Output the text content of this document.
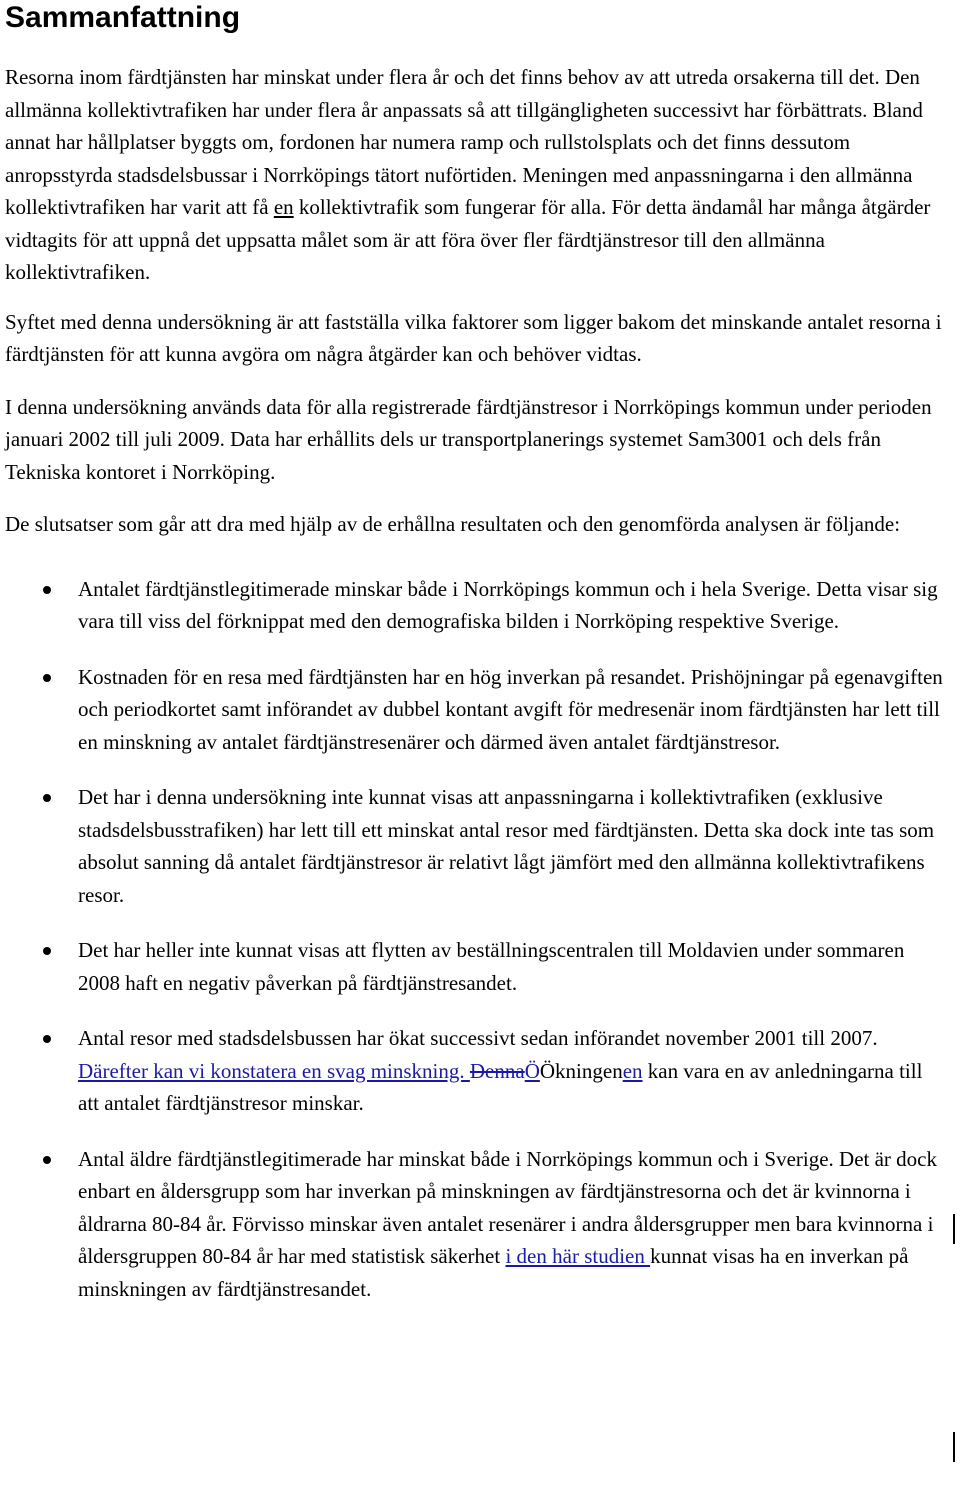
Sammanfattning

Resorna inom färdtjänsten har minskat under flera år och det finns behov av att utreda orsakerna till det. Den allmänna kollektivtrafiken har under flera år anpassats så att tillgängligheten successivt har förbättrats. Bland annat har hållplatser byggts om, fordonen har numera ramp och rullstolsplats och det finns dessutom anropsstyrda stadsdelsbussar i Norrköpings tätort nuförtiden. Meningen med anpassningarna i den allmänna kollektivtrafiken har varit att få en kollektivtrafik som fungerar för alla. För detta ändamål har många åtgärder vidtagits för att uppnå det uppsatta målet som är att föra över fler färdtjänstresor till den allmänna kollektivtrafiken.

Syftet med denna undersökning är att fastställa vilka faktorer som ligger bakom det minskande antalet resorna i färdtjänsten för att kunna avgöra om några åtgärder kan och behöver vidtas.

I denna undersökning används data för alla registrerade färdtjänstresor i Norrköpings kommun under perioden januari 2002 till juli 2009. Data har erhållits dels ur transportplanerings systemet Sam3001 och dels från Tekniska kontoret i Norrköping.

De slutsatser som går att dra med hjälp av de erhållna resultaten och den genomförda analysen är följande:

Antalet färdtjänstlegitimerade minskar både i Norrköpings kommun och i hela Sverige. Detta visar sig vara till viss del förknippat med den demografiska bilden i Norrköping respektive Sverige.
Kostnaden för en resa med färdtjänsten har en hög inverkan på resandet. Prishöjningar på egenavgiften och periodkortet samt införandet av dubbel kontant avgift för medresenär inom färdtjänsten har lett till en minskning av antalet färdtjänstresenärer och därmed även antalet färdtjänstresor.
Det har i denna undersökning inte kunnat visas att anpassningarna i kollektivtrafiken (exklusive stadsdelsbusstrafiken) har lett till ett minskat antal resor med färdtjänsten. Detta ska dock inte tas som absolut sanning då antalet färdtjänstresor är relativt lågt jämfört med den allmänna kollektivtrafikens resor.
Det har heller inte kunnat visas att flytten av beställningscentralen till Moldavien under sommaren 2008 haft en negativ påverkan på färdtjänstresandet.
Antal resor med stadsdelsbussen har ökat successivt sedan införandet november 2001 till 2007. Därefter kan vi konstatera en svag minskning. DennaÖÖkningenen kan vara en av anledningarna till att antalet färdtjänstresor minskar.
Antal äldre färdtjänstlegitimerade har minskat både i Norrköpings kommun och i Sverige. Det är dock enbart en åldersgrupp som har inverkan på minskningen av färdtjänstresorna och det är kvinnorna i åldrarna 80-84 år. Förvisso minskar även antalet resenärer i andra åldersgrupper men bara kvinnorna i åldersgruppen 80-84 år har med statistisk säkerhet i den här studien kunnat visas ha en inverkan på minskningen av färdtjänstresandet.
